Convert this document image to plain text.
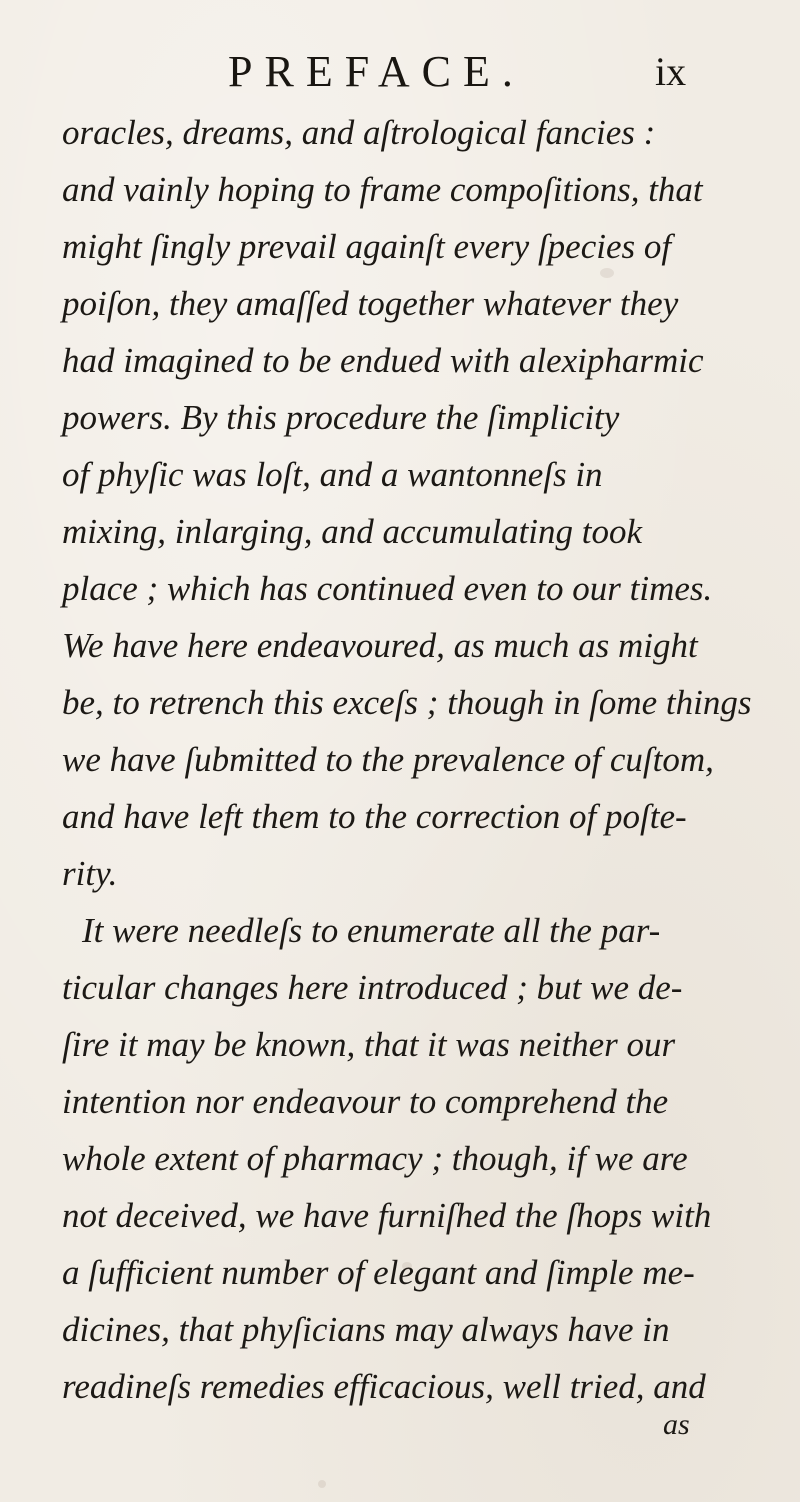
PREFACE.	ix
oracles, dreams, and aſtrological fancies :
and vainly hoping to frame compoſitions, that
might ſingly prevail againſt every ſpecies of
poiſon, they amaſſed together whatever they
had imagined to be endued with alexipharmic
powers. By this procedure the ſimplicity
of phyſic was loſt, and a wantonneſs in
mixing, inlarging, and accumulating took
place ; which has continued even to our times.
We have here endeavoured, as much as might
be, to retrench this exceſs ; though in ſome things
we have ſubmitted to the prevalence of cuſtom,
and have left them to the correction of poſte-
rity.
It were needleſs to enumerate all the par-
ticular changes here introduced ; but we de-
ſire it may be known, that it was neither our
intention nor endeavour to comprehend the
whole extent of pharmacy ; though, if we are
not deceived, we have furniſhed the ſhops with
a ſufficient number of elegant and ſimple me-
dicines, that phyſicians may always have in
readineſs remedies efficacious, well tried, and
as
